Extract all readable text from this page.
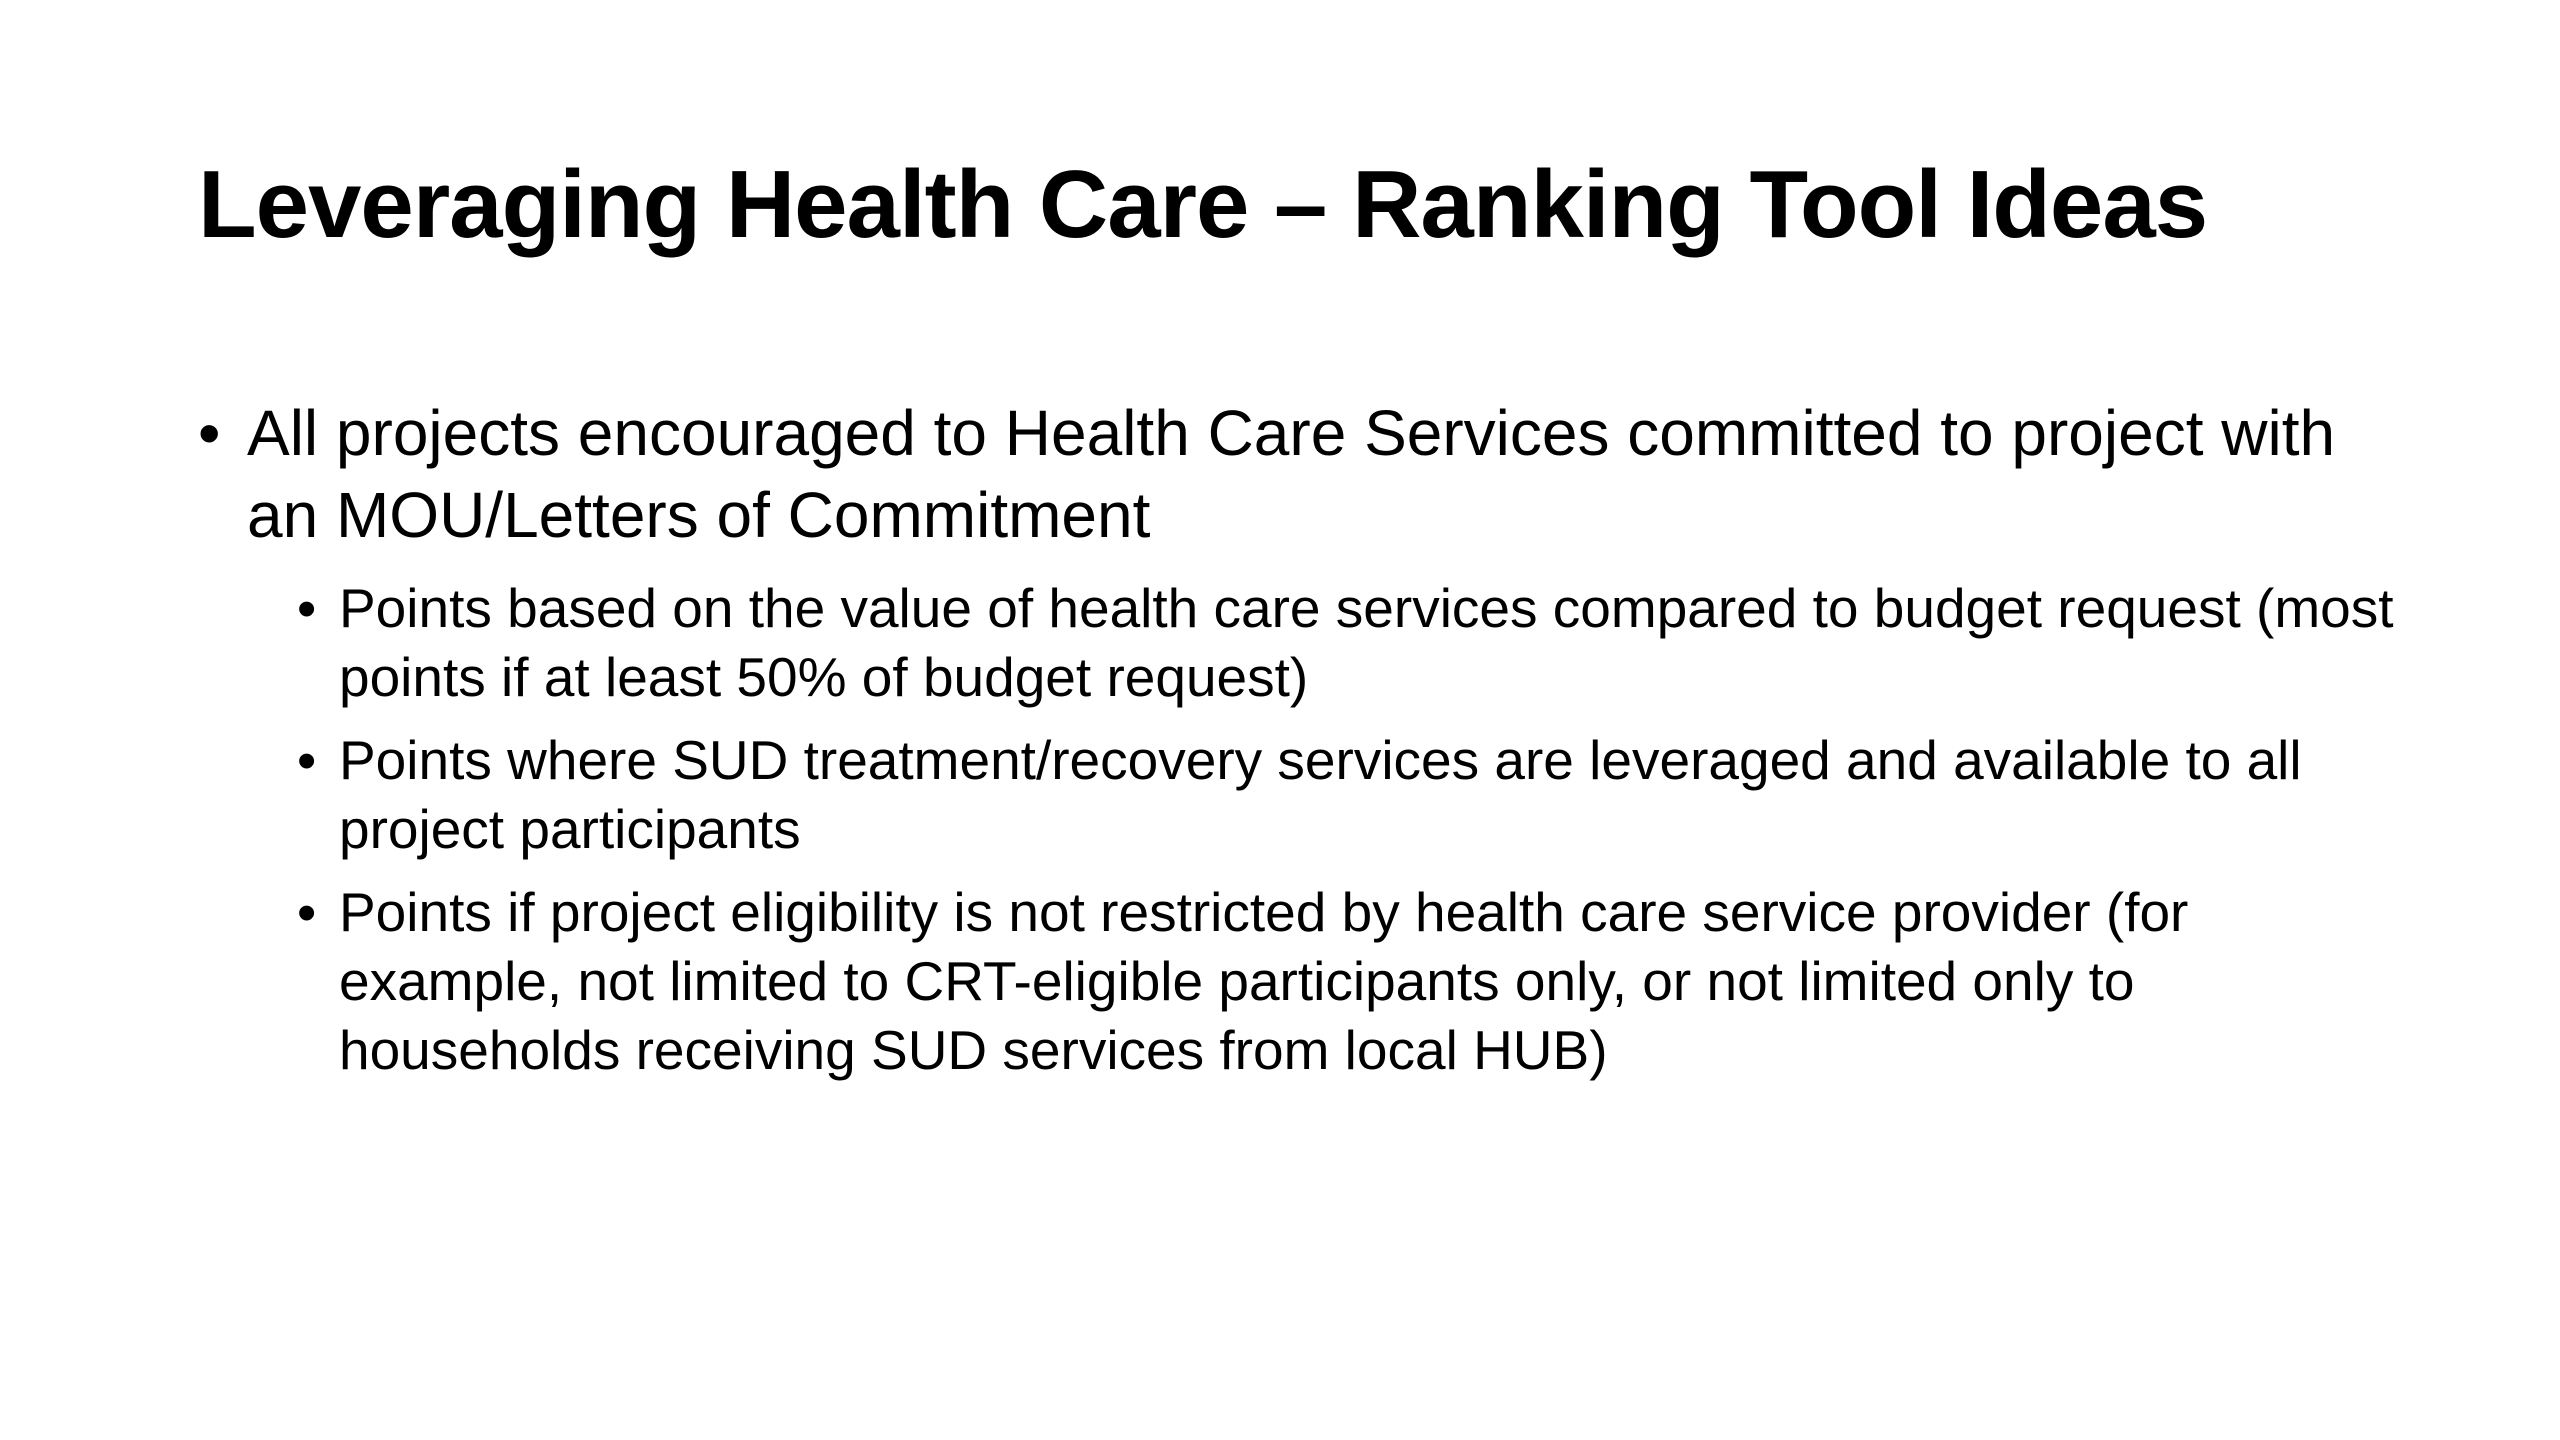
Leveraging Health Care – Ranking Tool Ideas
• All projects encouraged to Health Care Services committed to project with an MOU/Letters of Commitment
• Points based on the value of health care services compared to budget request (most points if at least 50% of budget request)
• Points where SUD treatment/recovery services are leveraged and available to all project participants
• Points if project eligibility is not restricted by health care service provider (for example, not limited to CRT-eligible participants only, or not limited only to households receiving SUD services from local HUB)
